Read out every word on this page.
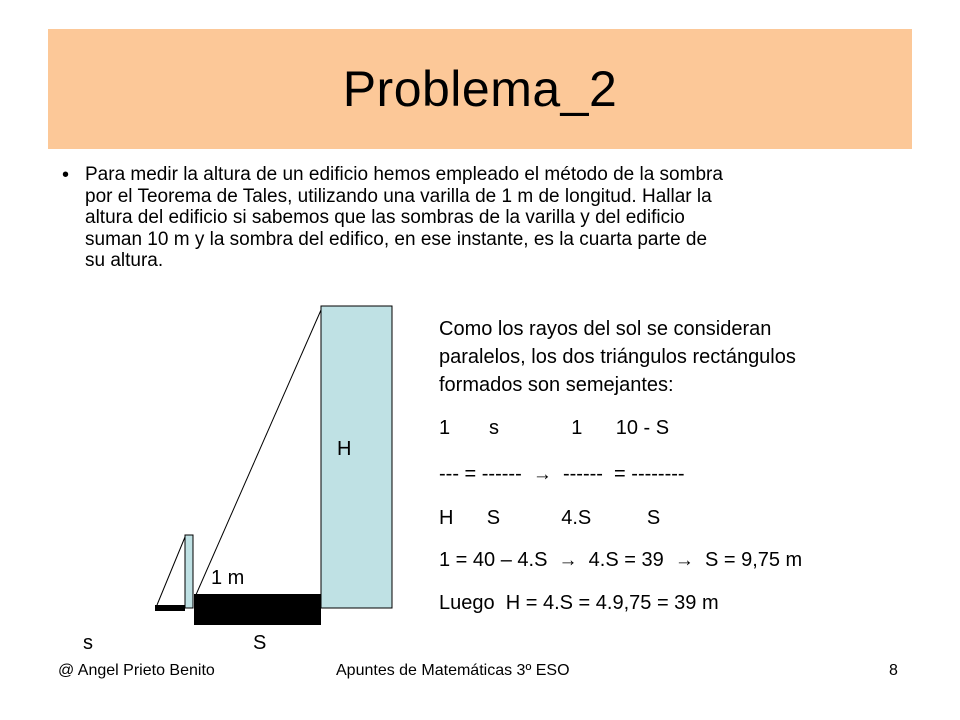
Problema_2
• Para medir la altura de un edificio hemos empleado el método de la sombra
por el Teorema de Tales, utilizando una varilla de 1 m de longitud. Hallar la
altura del edificio si sabemos que las sombras de la varilla y del edificio
suman 10 m y la sombra del edifico, en ese instante, es la cuarta parte de
su altura.

H
1 m
s	S
Como los rayos del sol se consideran
paralelos, los dos triángulos rectángulos
formados son semejantes:
1       s             1      10 - S
--- = ------  →  ------  = --------
H      S           4.S          S
1 = 40 – 4.S  →  4.S = 39  →  S = 9,75 m
Luego  H = 4.S = 4.9,75 = 39 m
@ Angel Prieto Benito	Apuntes de Matemáticas 3º ESO	8
